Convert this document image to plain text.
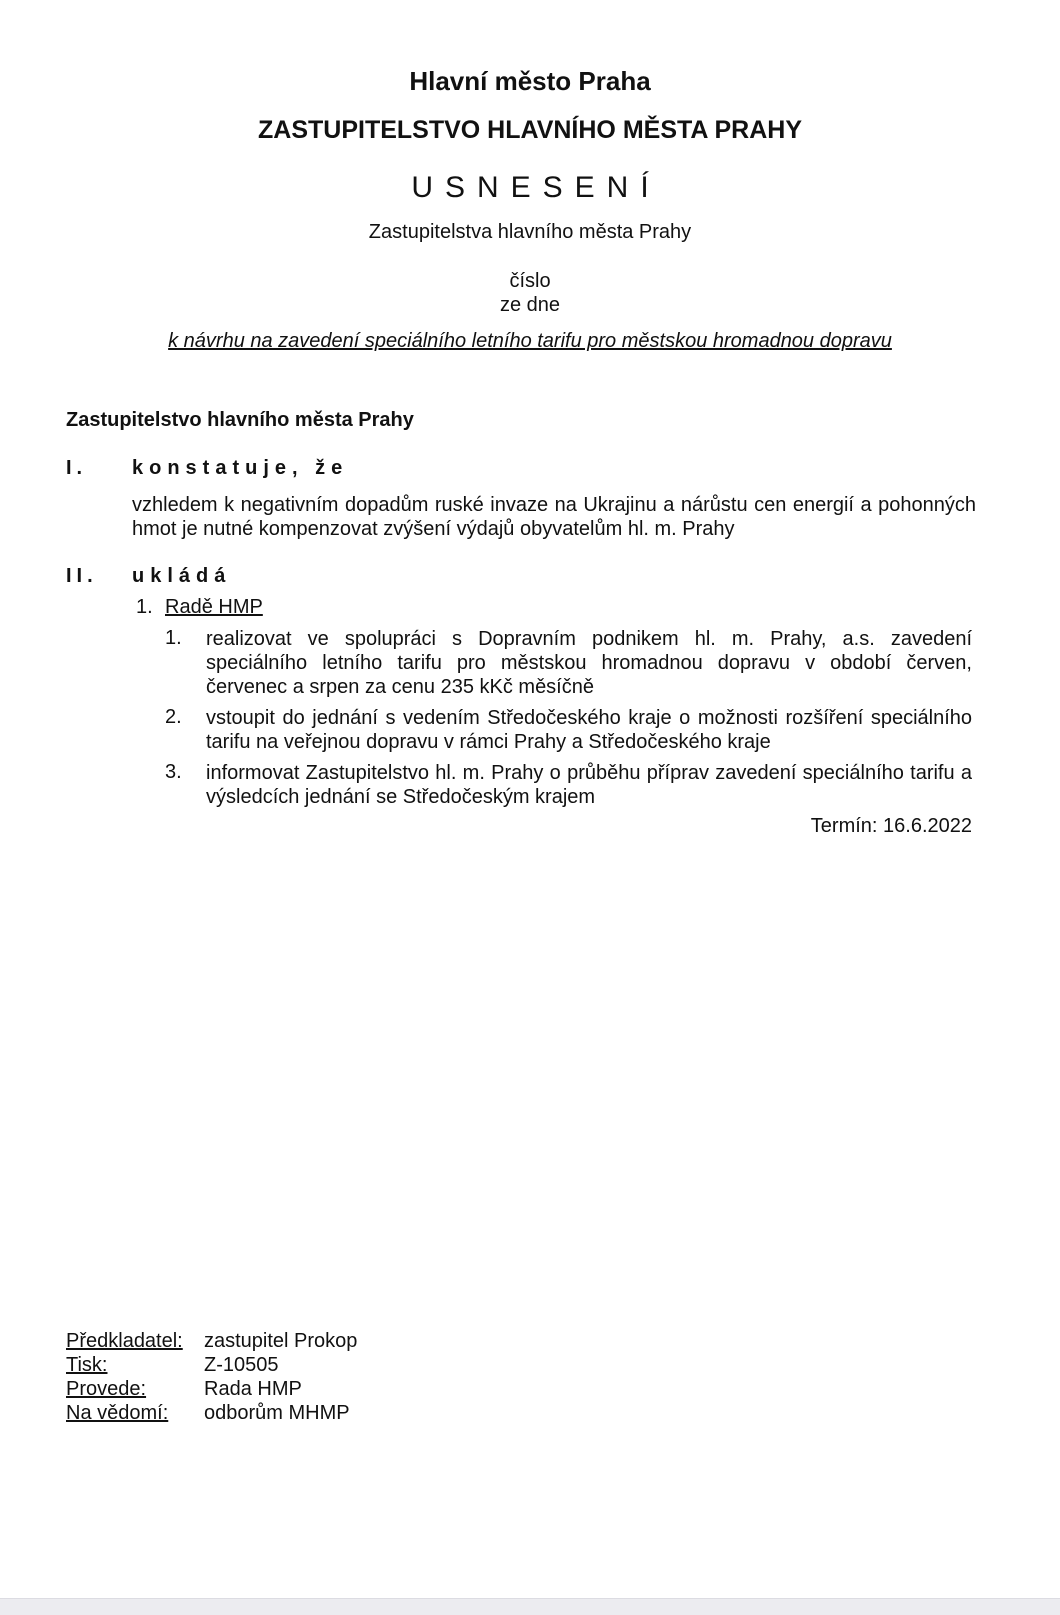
Hlavní město Praha
ZASTUPITELSTVO HLAVNÍHO MĚSTA PRAHY
USNESENÍ
Zastupitelstva hlavního města Prahy
číslo
ze dne
k návrhu na zavedení speciálního letního tarifu pro městskou hromadnou dopravu
Zastupitelstvo hlavního města Prahy
I. konstatuje, že
vzhledem k negativním dopadům ruské invaze na Ukrajinu a nárůstu cen energií a pohonných hmot je nutné kompenzovat zvýšení výdajů obyvatelům hl. m. Prahy
II. ukládá
1. Radě HMP
1. realizovat ve spolupráci s Dopravním podnikem hl. m. Prahy, a.s. zavedení speciálního letního tarifu pro městskou hromadnou dopravu v období červen, červenec a srpen za cenu 235 kKč měsíčně
2. vstoupit do jednání s vedením Středočeského kraje o možnosti rozšíření speciálního tarifu na veřejnou dopravu v rámci Prahy a Středočeského kraje
3. informovat Zastupitelstvo hl. m. Prahy o průběhu příprav zavedení speciálního tarifu a výsledcích jednání se Středočeským krajem
Termín: 16.6.2022
Předkladatel: zastupitel Prokop
Tisk:	Z-10505
Provede:	Rada HMP
Na vědomí: odborům MHMP
